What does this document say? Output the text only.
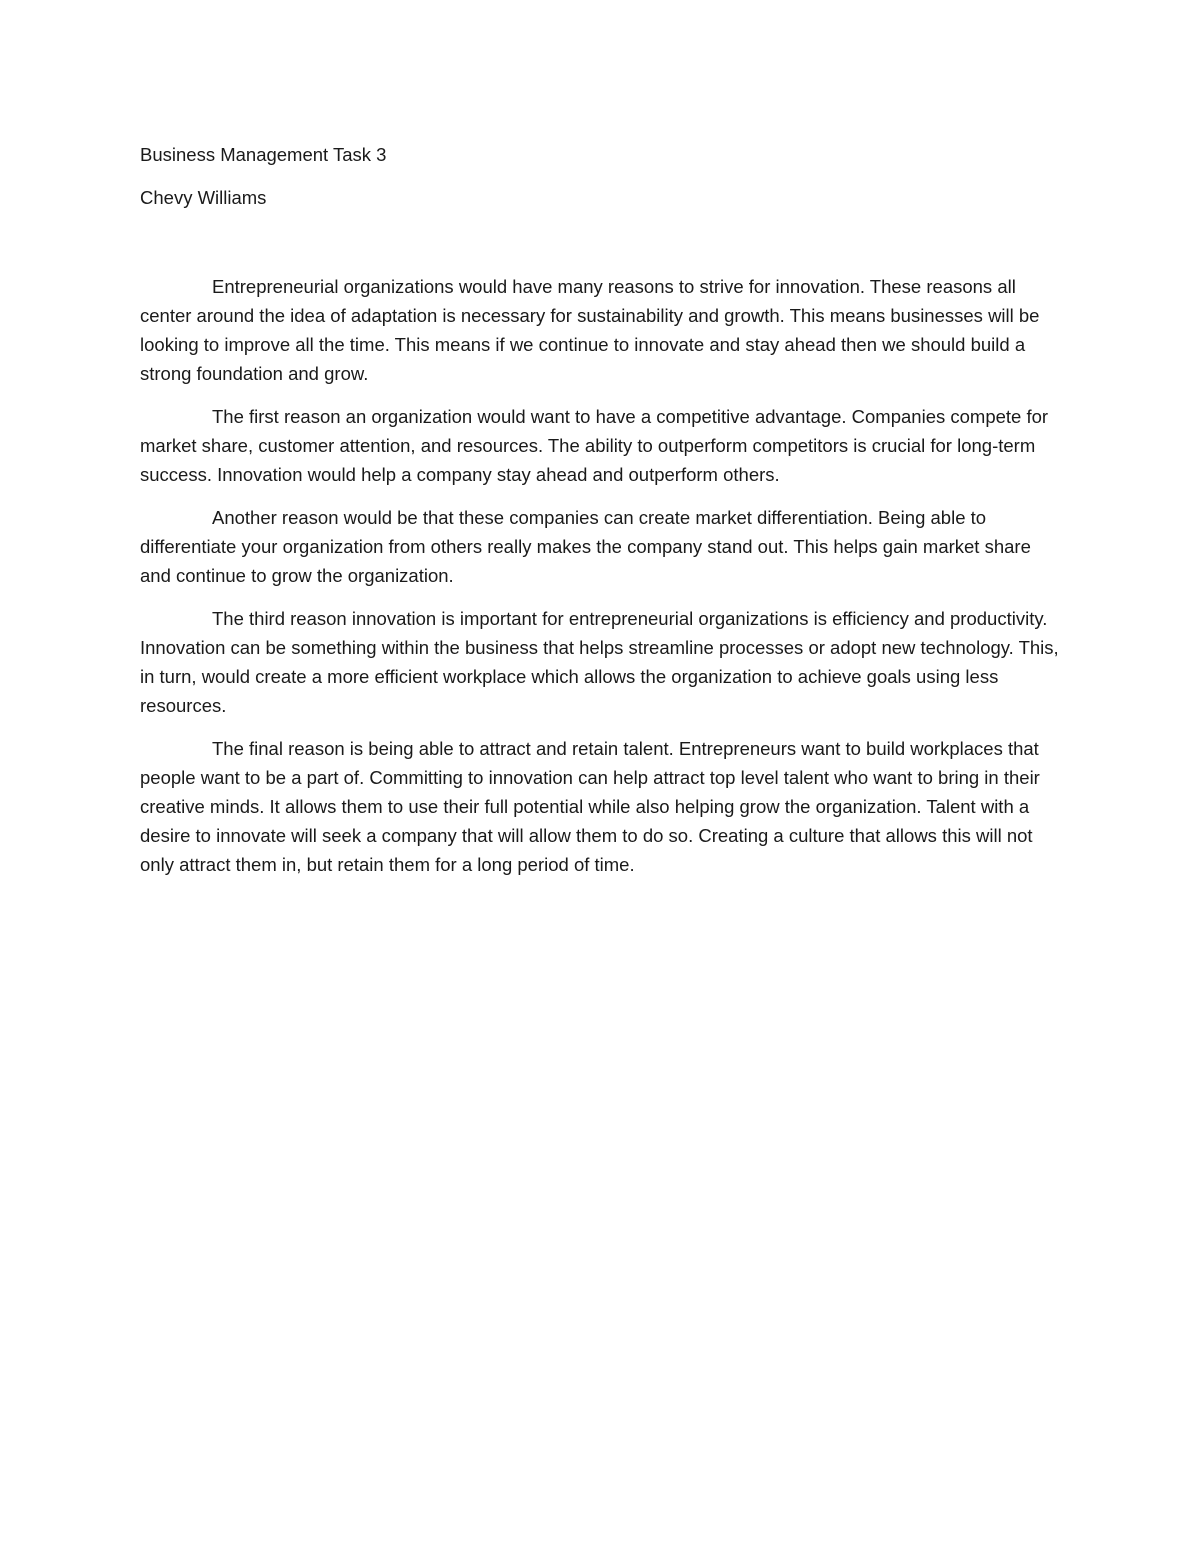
Business Management Task 3

Chevy Williams

Entrepreneurial organizations would have many reasons to strive for innovation. These reasons all center around the idea of adaptation is necessary for sustainability and growth. This means businesses will be looking to improve all the time. This means if we continue to innovate and stay ahead then we should build a strong foundation and grow.

The first reason an organization would want to have a competitive advantage. Companies compete for market share, customer attention, and resources. The ability to outperform competitors is crucial for long-term success. Innovation would help a company stay ahead and outperform others.

Another reason would be that these companies can create market differentiation. Being able to differentiate your organization from others really makes the company stand out. This helps gain market share and continue to grow the organization.

The third reason innovation is important for entrepreneurial organizations is efficiency and productivity. Innovation can be something within the business that helps streamline processes or adopt new technology. This, in turn, would create a more efficient workplace which allows the organization to achieve goals using less resources.

The final reason is being able to attract and retain talent. Entrepreneurs want to build workplaces that people want to be a part of. Committing to innovation can help attract top level talent who want to bring in their creative minds. It allows them to use their full potential while also helping grow the organization. Talent with a desire to innovate will seek a company that will allow them to do so. Creating a culture that allows this will not only attract them in, but retain them for a long period of time.
